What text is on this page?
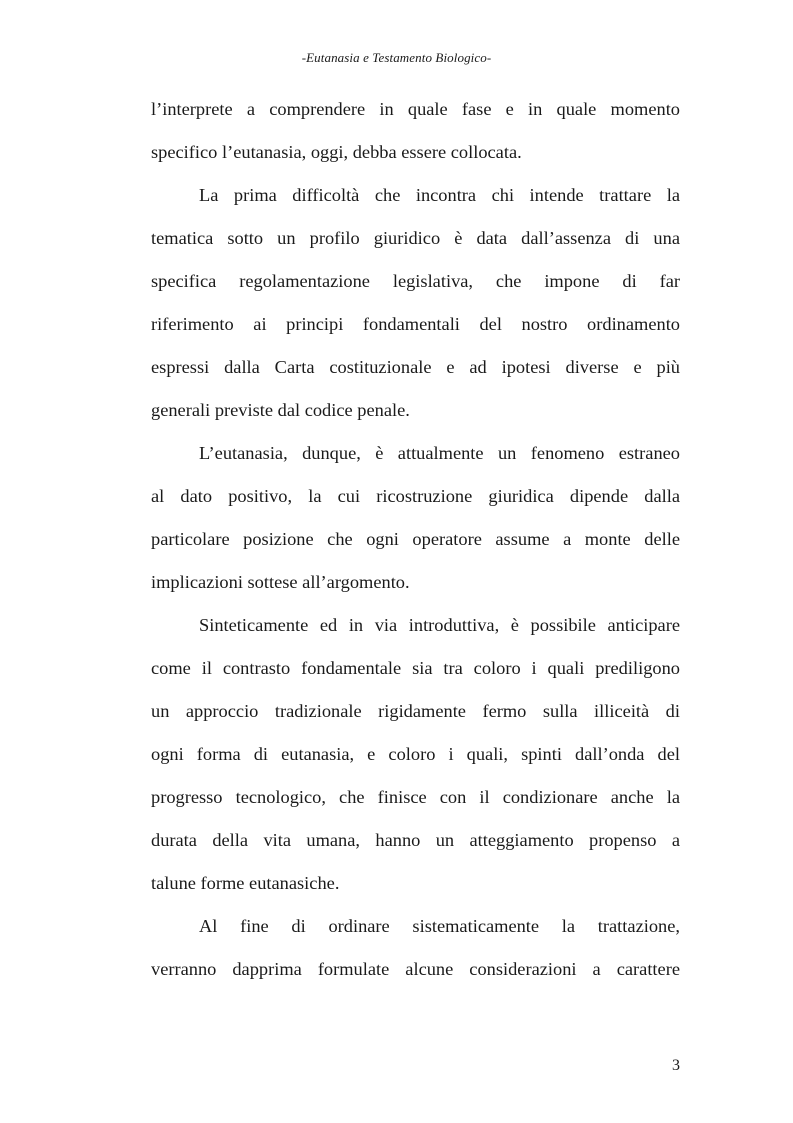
-Eutanasia e Testamento Biologico-
l’interprete a comprendere in quale fase e in quale momento
specifico l’eutanasia, oggi, debba essere collocata.
La prima difficoltà che incontra chi intende trattare la
tematica sotto un profilo giuridico è data dall’assenza di una
specifica regolamentazione legislativa, che impone di far
riferimento ai principi fondamentali del nostro ordinamento
espressi dalla Carta costituzionale e ad ipotesi diverse e più
generali previste dal codice penale.
L’eutanasia, dunque, è attualmente un fenomeno estraneo
al dato positivo, la cui ricostruzione giuridica dipende dalla
particolare posizione che ogni operatore assume a monte delle
implicazioni sottese all’argomento.
Sinteticamente ed in via introduttiva, è possibile anticipare
come il contrasto fondamentale sia tra coloro i quali prediligono
un approccio tradizionale rigidamente fermo sulla illiceità di
ogni forma di eutanasia, e coloro i quali, spinti dall’onda del
progresso tecnologico, che finisce con il condizionare anche la
durata della vita umana, hanno un atteggiamento propenso a
talune forme eutanasiche.
Al fine di ordinare sistematicamente la trattazione,
verranno dapprima formulate alcune considerazioni a carattere
3
